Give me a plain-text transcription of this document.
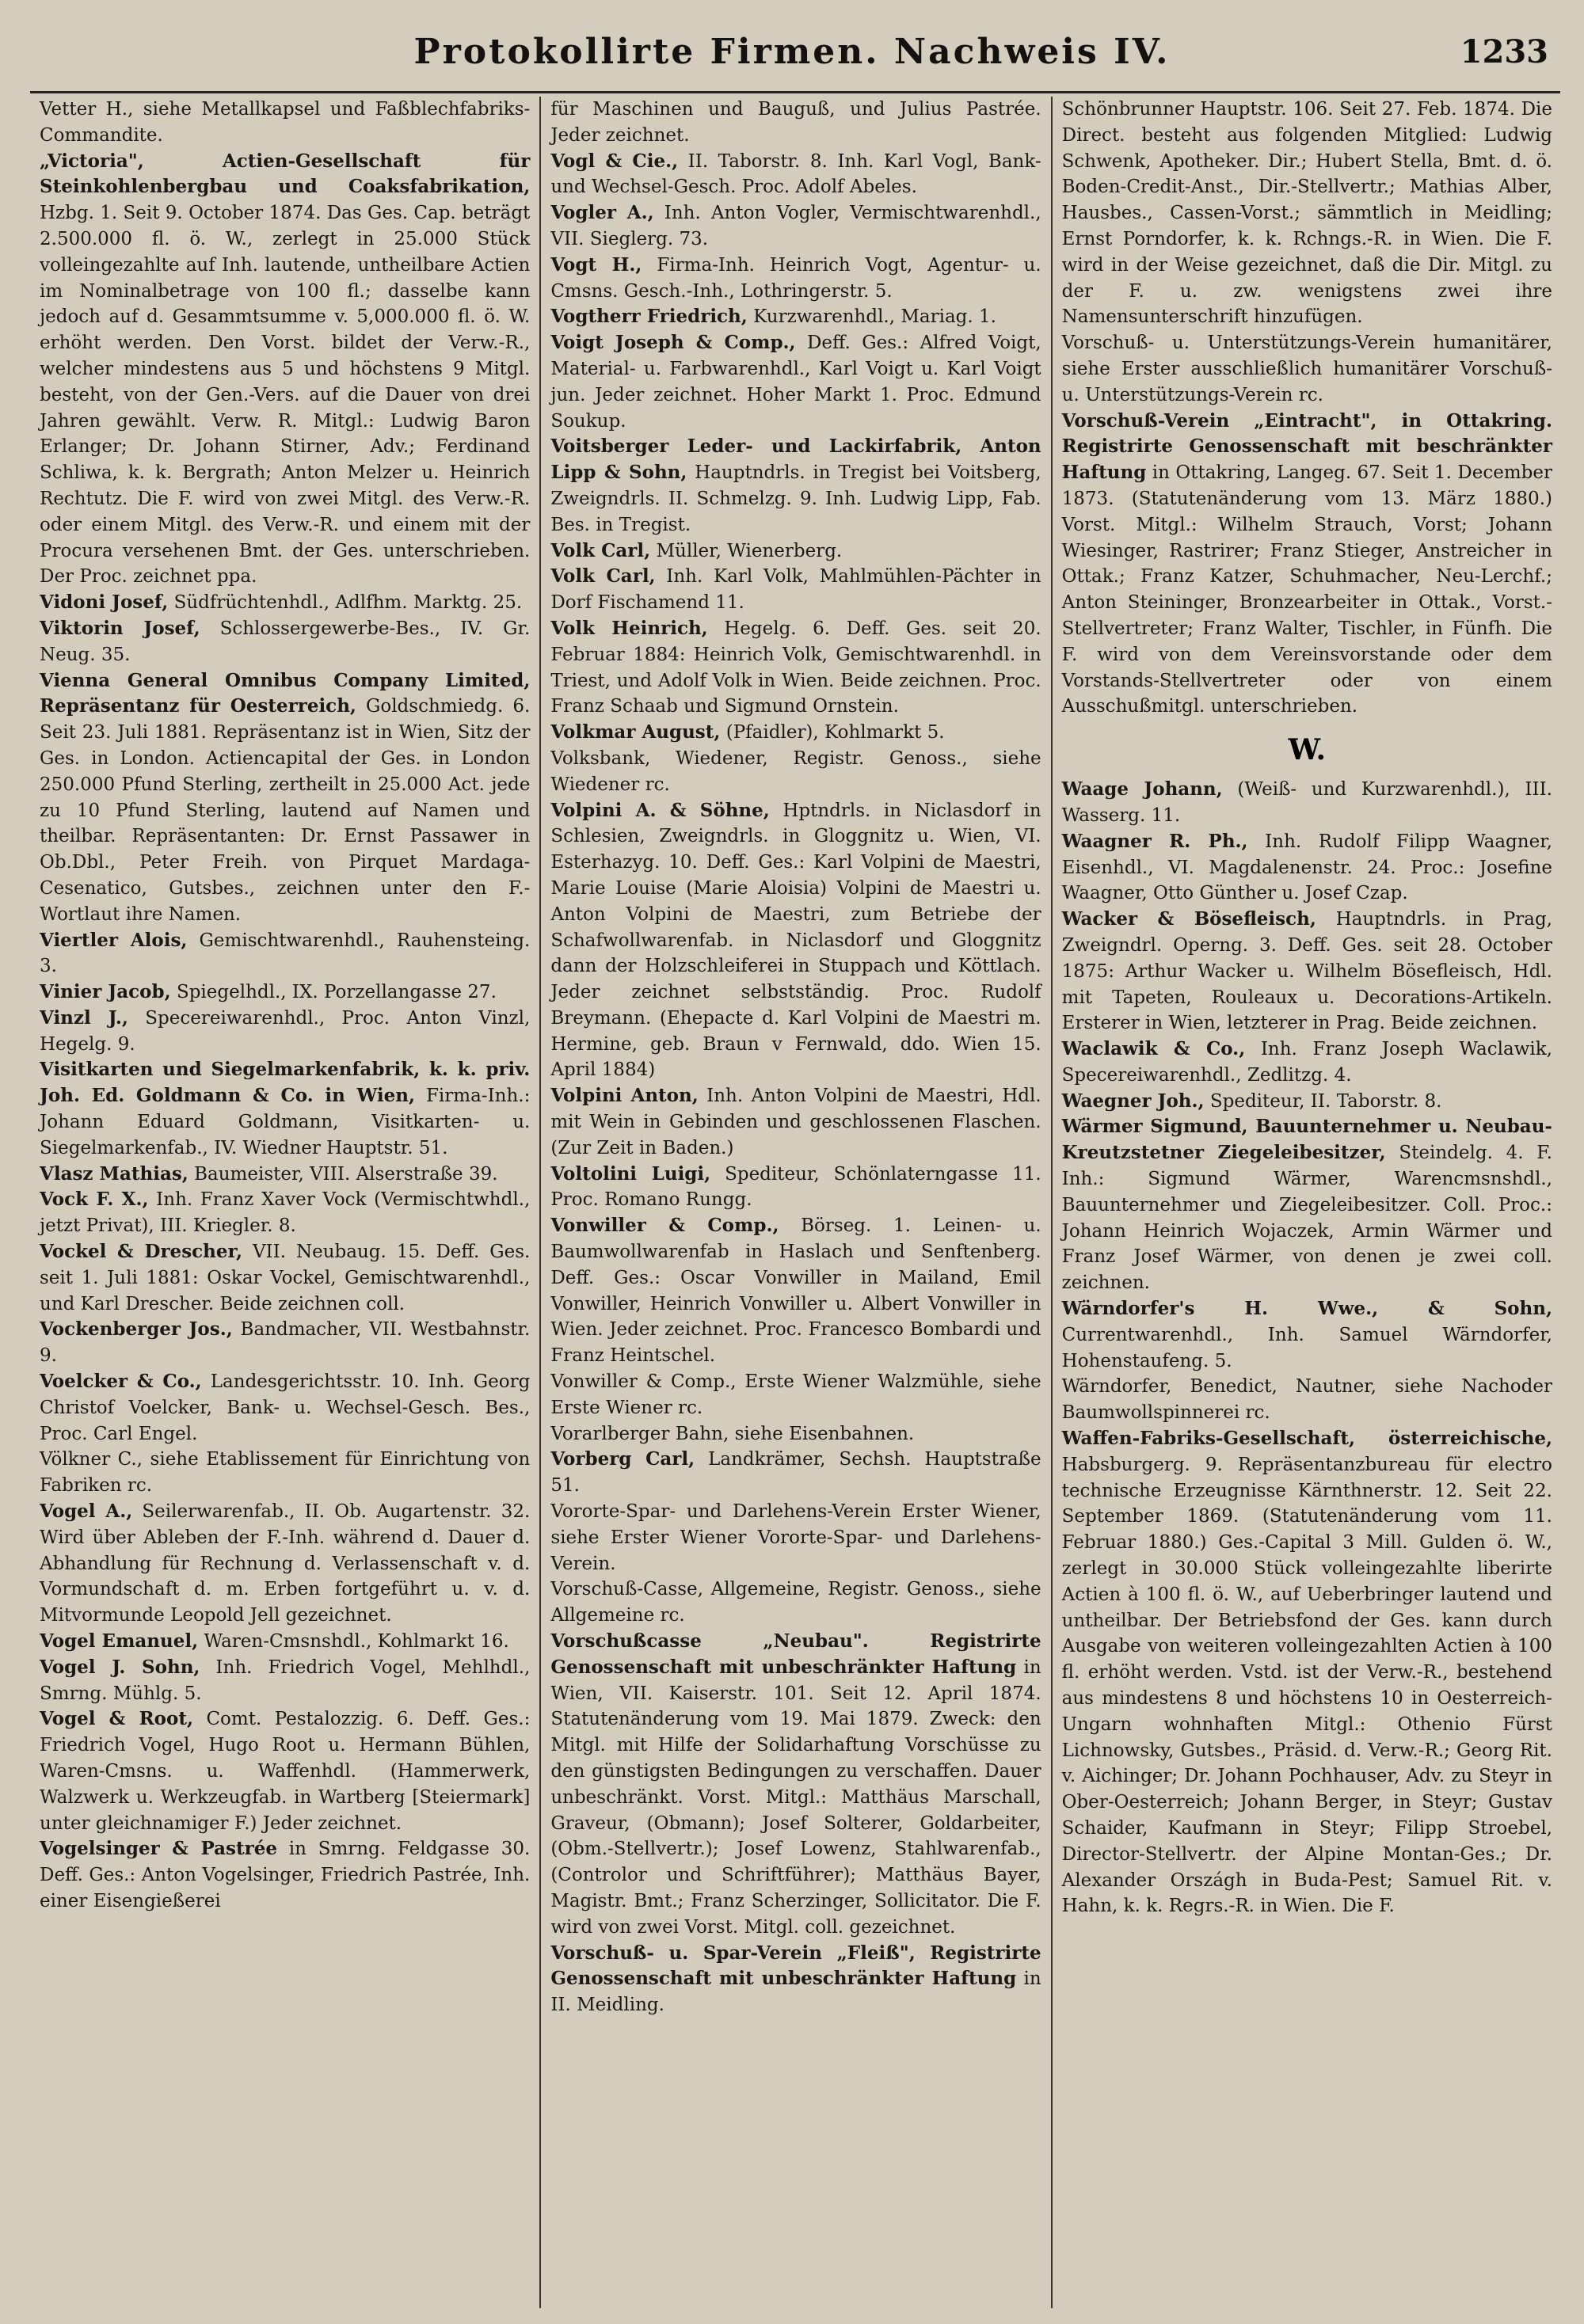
Protokollirte Firmen. Nachweis IV.	1233

Vetter H., siehe Metallkapsel und Faßblechfabriks-Commandite.

„Victoria", Actien-Gesellschaft für Steinkohlenbergbau und Coaksfabrikation, Hzbg. 1. Seit 9. October 1874. Das Ges. Cap. beträgt 2.500.000 fl. ö. W., zerlegt in 25.000 Stück volleingezahlte auf Inh. lautende, untheilbare Actien im Nominalbetrage von 100 fl.; dasselbe kann jedoch auf d. Gesammtsumme v. 5,000.000 fl. ö. W. erhöht werden. Den Vorst. bildet der Verw.-R., welcher mindestens aus 5 und höchstens 9 Mitgl. besteht, von der Gen.-Vers. auf die Dauer von drei Jahren gewählt. Verw. R. Mitgl.: Ludwig Baron Erlanger; Dr. Johann Stirner, Adv.; Ferdinand Schliwa, k. k. Bergrath; Anton Melzer u. Heinrich Rechtutz. Die F. wird von zwei Mitgl. des Verw.-R. oder einem Mitgl. des Verw.-R. und einem mit der Procura versehenen Bmt. der Ges. unterschrieben. Der Proc. zeichnet ppa.

Vidoni Josef, Südfrüchtenhdl., Adlfhm. Marktg. 25.

Viktorin Josef, Schlossergewerbe-Bes., IV. Gr. Neug. 35.

Vienna General Omnibus Company Limited, Repräsentanz für Oesterreich, Goldschmiedg. 6. Seit 23. Juli 1881. Repräsentanz ist in Wien, Sitz der Ges. in London. Actiencapital der Ges. in London 250.000 Pfund Sterling, zertheilt in 25.000 Act. jede zu 10 Pfund Sterling, lautend auf Namen und theilbar. Repräsentanten: Dr. Ernst Passawer in Ob.Dbl., Peter Freih. von Pirquet Mardaga-Cesenatico, Gutsbes., zeichnen unter den F.-Wortlaut ihre Namen.

Viertler Alois, Gemischtwarenhdl., Rauhensteing. 3.

Vinier Jacob, Spiegelhdl., IX. Porzellangasse 27.

Vinzl J., Specereiwarenhdl., Proc. Anton Vinzl, Hegelg. 9.

Visitkarten und Siegelmarkenfabrik, k. k. priv. Joh. Ed. Goldmann & Co. in Wien, Firma-Inh.: Johann Eduard Goldmann, Visitkarten- u. Siegelmarkenfab., IV. Wiedner Hauptstr. 51.

Vlasz Mathias, Baumeister, VIII. Alserstraße 39.

Vock F. X., Inh. Franz Xaver Vock (Vermischtwhdl., jetzt Privat), III. Kriegler. 8.

Vockel & Drescher, VII. Neubaug. 15. Deff. Ges. seit 1. Juli 1881: Oskar Vockel, Gemischtwarenhdl., und Karl Drescher. Beide zeichnen coll.

Vockenberger Jos., Bandmacher, VII. Westbahnstr. 9.

Voelcker & Co., Landesgerichtsstr. 10. Inh. Georg Christof Voelcker, Bank- u. Wechsel-Gesch. Bes., Proc. Carl Engel.

Völkner C., siehe Etablissement für Einrichtung von Fabriken rc.

Vogel A., Seilerwarenfab., II. Ob. Augartenstr. 32. Wird über Ableben der F.-Inh. während d. Dauer d. Abhandlung für Rechnung d. Verlassenschaft v. d. Vormundschaft d. m. Erben fortgeführt u. v. d. Mitvormunde Leopold Jell gezeichnet.

Vogel Emanuel, Waren-Cmsnshdl., Kohlmarkt 16.

Vogel J. Sohn, Inh. Friedrich Vogel, Mehlhdl., Smrng. Mühlg. 5.

Vogel & Root, Comt. Pestalozzig. 6. Deff. Ges.: Friedrich Vogel, Hugo Root u. Hermann Bühlen, Waren-Cmsns. u. Waffenhdl. (Hammerwerk, Walzwerk u. Werkzeugfab. in Wartberg [Steiermark] unter gleichnamiger F.) Jeder zeichnet.

Vogelsinger & Pastrée in Smrng. Feldgasse 30. Deff. Ges.: Anton Vogelsinger, Friedrich Pastrée, Inh. einer Eisengießerei

für Maschinen und Bauguß, und Julius Pastrée. Jeder zeichnet.

Vogl & Cie., II. Taborstr. 8. Inh. Karl Vogl, Bank- und Wechsel-Gesch. Proc. Adolf Abeles.

Vogler A., Inh. Anton Vogler, Vermischtwarenhdl., VII. Sieglerg. 73.

Vogt H., Firma-Inh. Heinrich Vogt, Agentur- u. Cmsns. Gesch.-Inh., Lothringerstr. 5.

Vogtherr Friedrich, Kurzwarenhdl., Mariag. 1.

Voigt Joseph & Comp., Deff. Ges.: Alfred Voigt, Material- u. Farbwarenhdl., Karl Voigt u. Karl Voigt jun. Jeder zeichnet. Hoher Markt 1. Proc. Edmund Soukup.

Voitsberger Leder- und Lackirfabrik, Anton Lipp & Sohn, Hauptndrls. in Tregist bei Voitsberg, Zweigndrls. II. Schmelzg. 9. Inh. Ludwig Lipp, Fab. Bes. in Tregist.

Volk Carl, Müller, Wienerberg.

Volk Carl, Inh. Karl Volk, Mahlmühlen-Pächter in Dorf Fischamend 11.

Volk Heinrich, Hegelg. 6. Deff. Ges. seit 20. Februar 1884: Heinrich Volk, Gemischtwarenhdl. in Triest, und Adolf Volk in Wien. Beide zeichnen. Proc. Franz Schaab und Sigmund Ornstein.

Volkmar August, (Pfaidler), Kohlmarkt 5.

Volksbank, Wiedener, Registr. Genoss., siehe Wiedener rc.

Volpini A. & Söhne, Hptndrls. in Niclasdorf in Schlesien, Zweigndrls. in Gloggnitz u. Wien, VI. Esterhazyg. 10. Deff. Ges.: Karl Volpini de Maestri, Marie Louise (Marie Aloisia) Volpini de Maestri u. Anton Volpini de Maestri, zum Betriebe der Schafwollwarenfab. in Niclasdorf und Gloggnitz dann der Holzschleiferei in Stuppach und Köttlach. Jeder zeichnet selbstständig. Proc. Rudolf Breymann. (Ehepacte d. Karl Volpini de Maestri m. Hermine, geb. Braun v Fernwald, ddo. Wien 15. April 1884)

Volpini Anton, Inh. Anton Volpini de Maestri, Hdl. mit Wein in Gebinden und geschlossenen Flaschen. (Zur Zeit in Baden.)

Voltolini Luigi, Spediteur, Schönlaterngasse 11. Proc. Romano Rungg.

Vonwiller & Comp., Börseg. 1. Leinen- u. Baumwollwarenfab in Haslach und Senftenberg. Deff. Ges.: Oscar Vonwiller in Mailand, Emil Vonwiller, Heinrich Vonwiller u. Albert Vonwiller in Wien. Jeder zeichnet. Proc. Francesco Bombardi und Franz Heintschel.

Vonwiller & Comp., Erste Wiener Walzmühle, siehe Erste Wiener rc.

Vorarlberger Bahn, siehe Eisenbahnen.

Vorberg Carl, Landkrämer, Sechsh. Hauptstraße 51.

Vororte-Spar- und Darlehens-Verein Erster Wiener, siehe Erster Wiener Vororte-Spar- und Darlehens-Verein.

Vorschuß-Casse, Allgemeine, Registr. Genoss., siehe Allgemeine rc.

Vorschußcasse „Neubau". Registrirte Genossenschaft mit unbeschränkter Haftung in Wien, VII. Kaiserstr. 101. Seit 12. April 1874. Statutenänderung vom 19. Mai 1879. Zweck: den Mitgl. mit Hilfe der Solidarhaftung Vorschüsse zu den günstigsten Bedingungen zu verschaffen. Dauer unbeschränkt. Vorst. Mitgl.: Matthäus Marschall, Graveur, (Obmann); Josef Solterer, Goldarbeiter, (Obm.-Stellvertr.); Josef Lowenz, Stahlwarenfab., (Controlor und Schriftführer); Matthäus Bayer, Magistr. Bmt.; Franz Scherzinger, Sollicitator. Die F. wird von zwei Vorst. Mitgl. coll. gezeichnet.

Vorschuß- u. Spar-Verein „Fleiß", Registrirte Genossenschaft mit unbeschränkter Haftung in II. Meidling.

Schönbrunner Hauptstr. 106. Seit 27. Feb. 1874. Die Direct. besteht aus folgenden Mitglied: Ludwig Schwenk, Apotheker. Dir.; Hubert Stella, Bmt. d. ö. Boden-Credit-Anst., Dir.-Stellvertr.; Mathias Alber, Hausbes., Cassen-Vorst.; sämmtlich in Meidling; Ernst Porndorfer, k. k. Rchngs.-R. in Wien. Die F. wird in der Weise gezeichnet, daß die Dir. Mitgl. zu der F. u. zw. wenigstens zwei ihre Namensunterschrift hinzufügen.

Vorschuß- u. Unterstützungs-Verein humanitärer, siehe Erster ausschließlich humanitärer Vorschuß- u. Unterstützungs-Verein rc.

Vorschuß-Verein „Eintracht", in Ottakring. Registrirte Genossenschaft mit beschränkter Haftung in Ottakring, Langeg. 67. Seit 1. December 1873. (Statutenänderung vom 13. März 1880.) Vorst. Mitgl.: Wilhelm Strauch, Vorst; Johann Wiesinger, Rastrirer; Franz Stieger, Anstreicher in Ottak.; Franz Katzer, Schuhmacher, Neu-Lerchf.; Anton Steininger, Bronzearbeiter in Ottak., Vorst.-Stellvertreter; Franz Walter, Tischler, in Fünfh. Die F. wird von dem Vereinsvorstande oder dem Vorstands-Stellvertreter oder von einem Ausschußmitgl. unterschrieben.

W.

Waage Johann, (Weiß- und Kurzwarenhdl.), III. Wasserg. 11.

Waagner R. Ph., Inh. Rudolf Filipp Waagner, Eisenhdl., VI. Magdalenenstr. 24. Proc.: Josefine Waagner, Otto Günther u. Josef Czap.

Wacker & Bösefleisch, Hauptndrls. in Prag, Zweigndrl. Operng. 3. Deff. Ges. seit 28. October 1875: Arthur Wacker u. Wilhelm Bösefleisch, Hdl. mit Tapeten, Rouleaux u. Decorations-Artikeln. Ersterer in Wien, letzterer in Prag. Beide zeichnen.

Waclawik & Co., Inh. Franz Joseph Waclawik, Specereiwarenhdl., Zedlitzg. 4.

Waegner Joh., Spediteur, II. Taborstr. 8.

Wärmer Sigmund, Bauunternehmer u. Neubau-Kreutzstetner Ziegeleibesitzer, Steindelg. 4. F. Inh.: Sigmund Wärmer, Warencmsnshdl., Bauunternehmer und Ziegeleibesitzer. Coll. Proc.: Johann Heinrich Wojaczek, Armin Wärmer und Franz Josef Wärmer, von denen je zwei coll. zeichnen.

Wärndorfer's H. Wwe., & Sohn, Currentwarenhdl., Inh. Samuel Wärndorfer, Hohenstaufeng. 5.

Wärndorfer, Benedict, Nautner, siehe Nachoder Baumwollspinnerei rc.

Waffen-Fabriks-Gesellschaft, österreichische, Habsburgerg. 9. Repräsentanzbureau für electro technische Erzeugnisse Kärnthnerstr. 12. Seit 22. September 1869. (Statutenänderung vom 11. Februar 1880.) Ges.-Capital 3 Mill. Gulden ö. W., zerlegt in 30.000 Stück volleingezahlte liberirte Actien à 100 fl. ö. W., auf Ueberbringer lautend und untheilbar. Der Betriebsfond der Ges. kann durch Ausgabe von weiteren volleingezahlten Actien à 100 fl. erhöht werden. Vstd. ist der Verw.-R., bestehend aus mindestens 8 und höchstens 10 in Oesterreich-Ungarn wohnhaften Mitgl.: Othenio Fürst Lichnowsky, Gutsbes., Präsid. d. Verw.-R.; Georg Rit. v. Aichinger; Dr. Johann Pochhauser, Adv. zu Steyr in Ober-Oesterreich; Johann Berger, in Steyr; Gustav Schaider, Kaufmann in Steyr; Filipp Stroebel, Director-Stellvertr. der Alpine Montan-Ges.; Dr. Alexander Országh in Buda-Pest; Samuel Rit. v. Hahn, k. k. Regrs.-R. in Wien. Die F.
